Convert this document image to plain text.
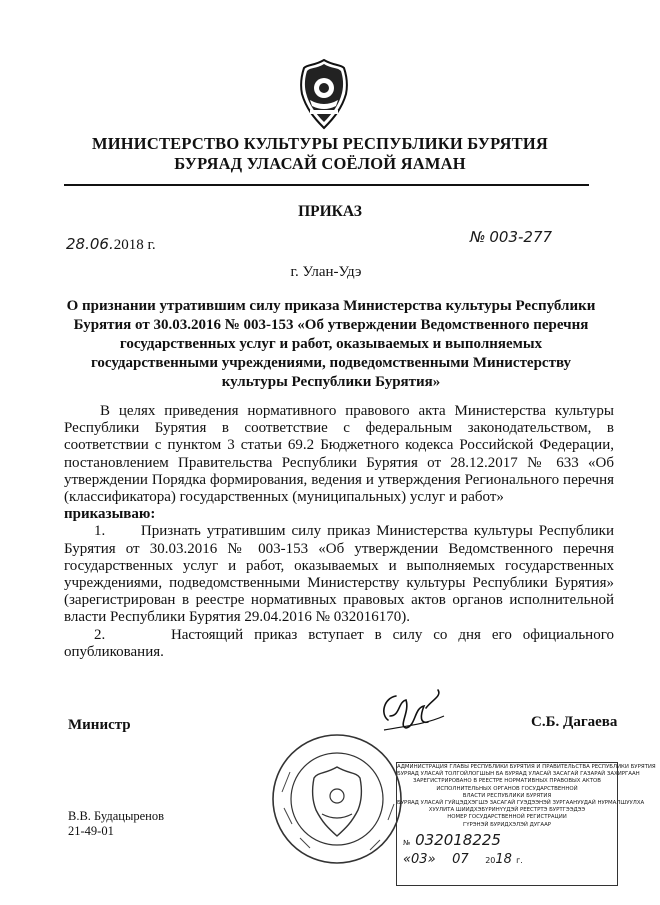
МИНИСТЕРСТВО КУЛЬТУРЫ РЕСПУБЛИКИ БУРЯТИЯ
БУРЯАД УЛАСАЙ СОЁЛОЙ ЯАМАН
ПРИКАЗ
28.06.2018 г.	№ 003-277
г. Улан-Удэ
О признании утратившим силу приказа Министерства культуры Республики Бурятия от 30.03.2016 № 003-153 «Об утверждении Ведомственного перечня государственных услуг и работ, оказываемых и выполняемых государственными учреждениями, подведомственными Министерству культуры Республики Бурятия»

В целях приведения нормативного правового акта Министерства культуры Республики Бурятия в соответствие с федеральным законодательством, в соответствии с пунктом 3 статьи 69.2 Бюджетного кодекса Российской Федерации, постановлением Правительства Республики Бурятия от 28.12.2017 № 633 «Об утверждении Порядка формирования, ведения и утверждения Регионального перечня (классификатора) государственных (муниципальных) услуг и работ»

приказываю:

1.      Признать утратившим силу приказ Министерства культуры Республики Бурятия от 30.03.2016 № 003-153 «Об утверждении Ведомственного перечня государственных услуг и работ, оказываемых и выполняемых государственных учреждениями, подведомственными Министерству культуры Республики Бурятия» (зарегистрирован в реестре нормативных правовых актов органов исполнительной власти Республики Бурятия 29.04.2016 № 032016170).

2.      Настоящий приказ вступает в силу со дня его официального опубликования.

Министр	С.Б. Дагаева
АДМИНИСТРАЦИЯ ГЛАВЫ РЕСПУБЛИКИ БУРЯТИЯ И ПРАВИТЕЛЬСТВА РЕСПУБЛИКИ БУРЯТИЯ
БУРЯАД УЛАСАЙ ТОЛГОЙЛОГШЫН БА БУРЯАД УЛАСАЙ ЗАСАГАЙ ГАЗАРАЙ ЗАХИРГААН
ЗАРЕГИСТРИРОВАНО В РЕЕСТРЕ НОРМАТИВНЫХ ПРАВОВЫХ АКТОВ
ИСПОЛНИТЕЛЬНЫХ ОРГАНОВ ГОСУДАРСТВЕННОЙ
ВЛАСТИ РЕСПУБЛИКИ БУРЯТИЯ
БУРЯАД УЛАСАЙ ГУЙЦЭДХЭГШЭ ЗАСАГАЙ ГУЭДЭЭНЭЙ ЗУРГААНУУДАЙ НУРМАЛШУУЛХА
ХУУЛИТА ШИИДХЭБҮРИНҮҮДЭЙ РЕЕСТРТЭ БУРТГЭЭДЭЭ
НОМЕР ГОСУДАРСТВЕННОЙ РЕГИСТРАЦИИ
ГҮРЭНЭЙ БУРИДХЭЛЭЙ ДУГААР
№ 032018225
«03»    07 2018 г.
В.В. Будацыренов
21-49-01
